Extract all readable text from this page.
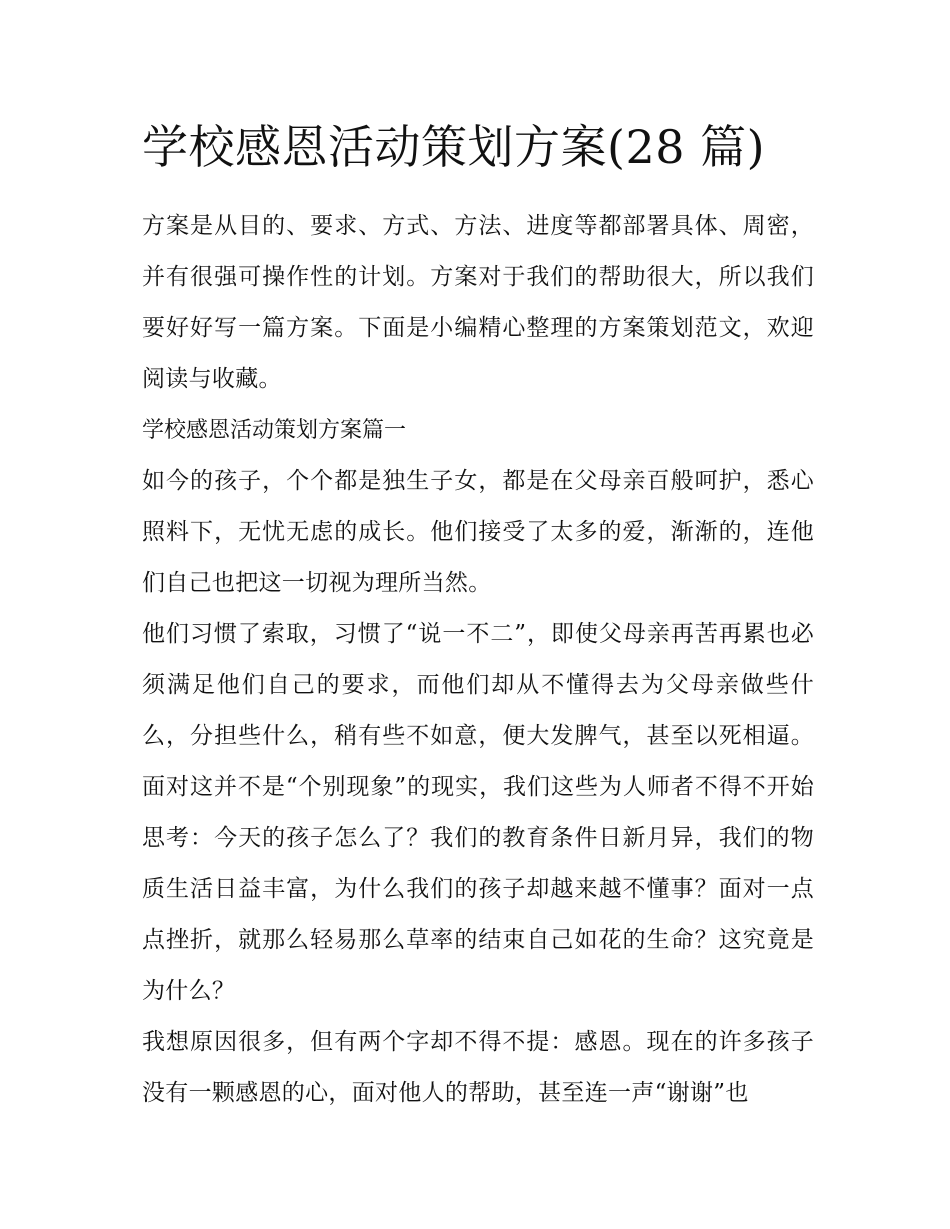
学校感恩活动策划方案(28 篇)

方案是从目的、要求、方式、方法、进度等都部署具体、周密，并有很强可操作性的计划。方案对于我们的帮助很大，所以我们要好好写一篇方案。下面是小编精心整理的方案策划范文，欢迎阅读与收藏。

学校感恩活动策划方案篇一

如今的孩子，个个都是独生子女，都是在父母亲百般呵护，悉心照料下，无忧无虑的成长。他们接受了太多的爱，渐渐的，连他们自己也把这一切视为理所当然。

他们习惯了索取，习惯了“说一不二”，即使父母亲再苦再累也必须满足他们自己的要求，而他们却从不懂得去为父母亲做些什么，分担些什么，稍有些不如意，便大发脾气，甚至以死相逼。面对这并不是“个别现象”的现实，我们这些为人师者不得不开始思考：今天的孩子怎么了？我们的教育条件日新月异，我们的物质生活日益丰富，为什么我们的孩子却越来越不懂事？面对一点点挫折，就那么轻易那么草率的结束自己如花的生命？这究竟是为什么？

我想原因很多，但有两个字却不得不提：感恩。现在的许多孩子没有一颗感恩的心，面对他人的帮助，甚至连一声“谢谢”也
